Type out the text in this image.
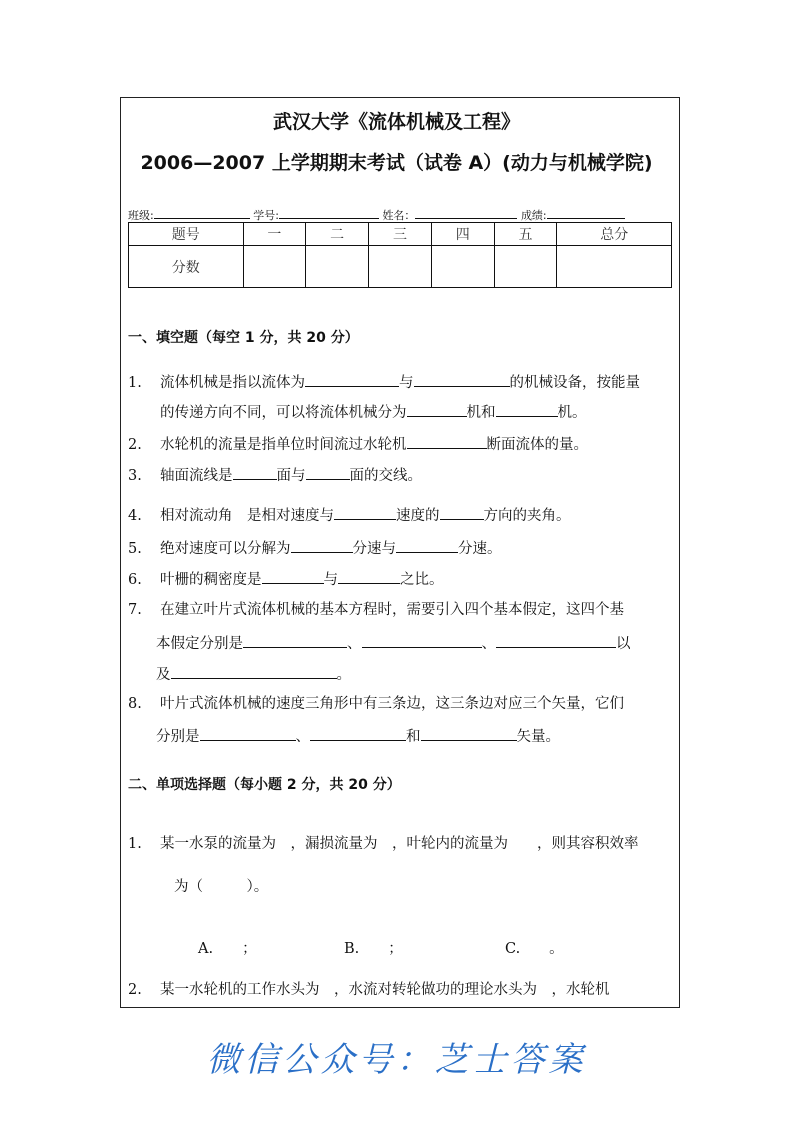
武汉大学《流体机械及工程》
2006—2007 上学期期末考试（试卷 A）(动力与机械学院)
班级:	学号:	姓名：	成绩:
题号	一	二	三	四	五	总分
分数						
一、填空题（每空 1 分，共 20 分）
1. 流体机械是指以流体为	与	的机械设备，按能量
的传递方向不同，可以将流体机械分为	机和	机。
2. 水轮机的流量是指单位时间流过水轮机	断面流体的量。
3. 轴面流线是	面与	面的交线。
4. 相对流动角　是相对速度与	速度的	方向的夹角。
5. 绝对速度可以分解为	分速与	分速。
6. 叶栅的稠密度是	与	之比。
7. 在建立叶片式流体机械的基本方程时，需要引入四个基本假定，这四个基
本假定分别是	、	、	以
及	。
8. 叶片式流体机械的速度三角形中有三条边，这三条边对应三个矢量，它们
分别是	、	和	矢量。
二、单项选择题（每小题 2 分，共 20 分）
1. 某一水泵的流量为　，漏损流量为　，叶轮内的流量为　　，则其容积效率
为（　　　）。
A.　　；	B.　　；	C.　　。
2. 某一水轮机的工作水头为　，水流对转轮做功的理论水头为　，水轮机
微信公众号：芝士答案
